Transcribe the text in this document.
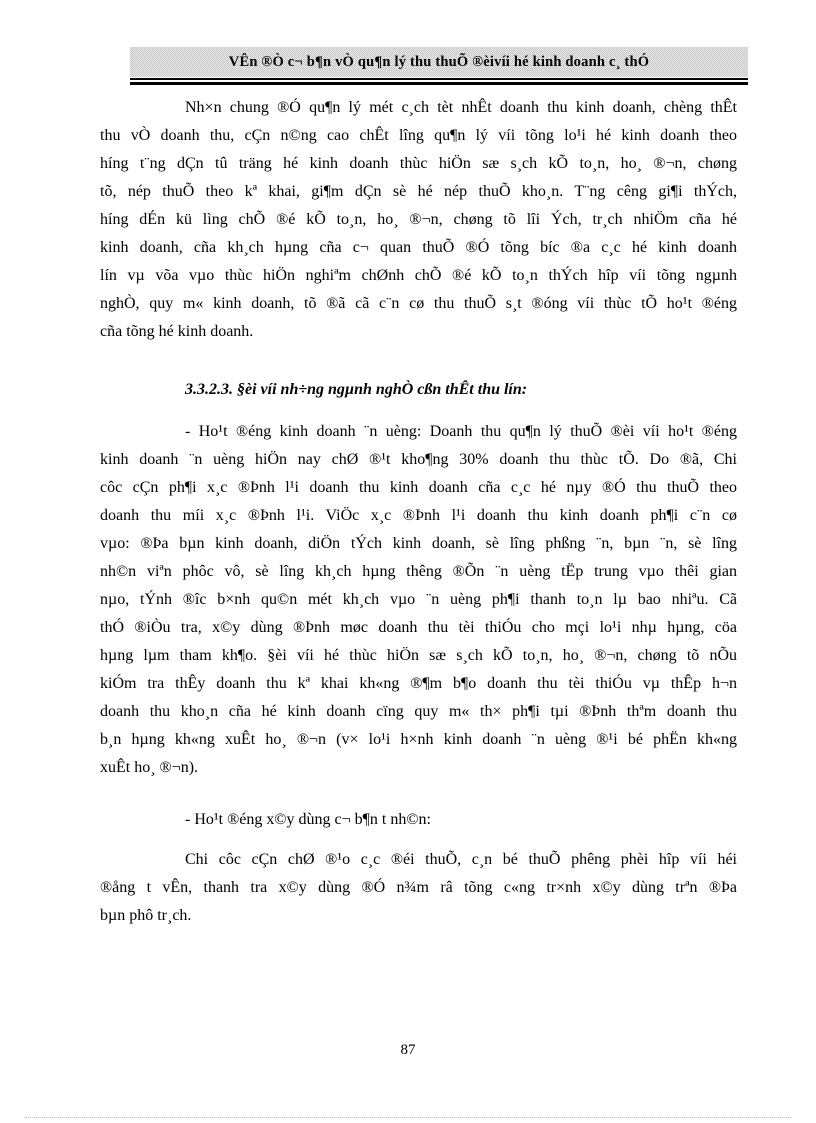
VÊn ®Ò c¬ b¶n vÒ qu¶n lý thu thuÕ ®èivíi hé kinh doanh c¸ thÓ
Nh×n chung ®Ó qu¶n lý mét c¸ch tèt nhÊt doanh thu kinh doanh, chèng thÊt
thu vÒ doanh thu, cÇn n©ng cao chÊt lîng qu¶n lý víi tõng lo¹i hé kinh doanh theo
híng t¨ng dÇn tû träng hé kinh doanh thùc hiÖn sæ s¸ch kÕ to¸n, ho¸ ®¬n, chøng
tõ, nép thuÕ theo kª khai, gi¶m dÇn sè hé nép thuÕ kho¸n. T¨ng cêng gi¶i thÝch,
híng dÉn kü lìng chÕ ®é kÕ to¸n, ho¸ ®¬n, chøng tõ lîi Ých, tr¸ch nhiÖm cña hé
kinh doanh, cña kh¸ch hµng cña c¬ quan thuÕ ®Ó tõng bíc ®a c¸c hé kinh doanh
lín vµ võa vµo thùc hiÖn nghiªm chØnh chÕ ®é kÕ to¸n thÝch hîp víi tõng ngµnh
nghÒ, quy m« kinh doanh, tõ ®ã cã c¨n cø thu thuÕ s¸t ®óng víi thùc tÕ ho¹t ®éng
cña tõng hé kinh doanh.
3.3.2.3. §èi víi nh÷ng ngµnh nghÒ cßn thÊt thu lín:
- Ho¹t ®éng kinh doanh ¨n uèng: Doanh thu qu¶n lý thuÕ ®èi víi ho¹t ®éng
kinh doanh ¨n uèng hiÖn nay chØ ®¹t kho¶ng 30% doanh thu thùc tÕ. Do ®ã, Chi
côc cÇn ph¶i x¸c ®Þnh l¹i doanh thu kinh doanh cña c¸c hé nµy ®Ó thu thuÕ theo
doanh thu míi x¸c ®Þnh l¹i. ViÖc x¸c ®Þnh l¹i doanh thu kinh doanh ph¶i c¨n cø
vµo: ®Þa bµn kinh doanh, diÖn tÝch kinh doanh, sè lîng phßng ¨n, bµn ¨n, sè lîng
nh©n viªn phôc vô, sè lîng kh¸ch hµng thêng ®Õn ¨n uèng tËp trung vµo thêi gian
nµo, tÝnh ®îc b×nh qu©n mét kh¸ch vµo ¨n uèng ph¶i thanh to¸n lµ bao nhiªu. Cã
thÓ ®iÒu tra, x©y dùng ®Þnh møc doanh thu tèi thiÓu cho mçi lo¹i nhµ hµng, cöa
hµng lµm tham kh¶o. §èi víi hé thùc hiÖn sæ s¸ch kÕ to¸n, ho¸ ®¬n, chøng tõ nÕu
kiÓm tra thÊy doanh thu kª khai kh«ng ®¶m b¶o doanh thu tèi thiÓu vµ thÊp h¬n
doanh thu kho¸n cña hé kinh doanh cïng quy m« th× ph¶i tµi ®Þnh thªm doanh thu
b¸n hµng kh«ng xuÊt ho¸ ®¬n (v× lo¹i h×nh kinh doanh ¨n uèng ®¹i bé phËn kh«ng
xuÊt ho¸ ®¬n).
- Ho¹t ®éng x©y dùng c¬ b¶n t nh©n:
Chi côc cÇn chØ ®¹o c¸c ®éi thuÕ, c¸n bé thuÕ phêng phèi hîp víi héi
®ång t vÊn, thanh tra x©y dùng ®Ó n¾m râ tõng c«ng tr×nh x©y dùng trªn ®Þa
bµn phô tr¸ch.
87
